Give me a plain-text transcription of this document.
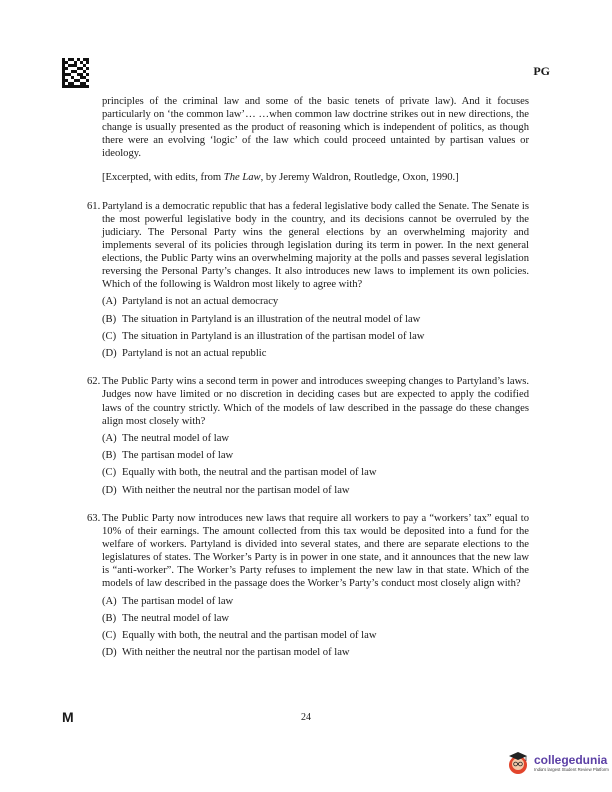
PG

principles of the criminal law and some of the basic tenets of private law). And it focuses particularly on ‘the common law’… …when common law doctrine strikes out in new directions, the change is usually presented as the product of reasoning which is independent of politics, as though there were an evolving ‘logic’ of the law which could proceed untainted by partisan values or ideology.

[Excerpted, with edits, from The Law, by Jeremy Waldron, Routledge, Oxon, 1990.]

61. Partyland is a democratic republic that has a federal legislative body called the Senate. The Senate is the most powerful legislative body in the country, and its decisions cannot be overruled by the judiciary. The Personal Party wins the general elections by an overwhelming majority and implements several of its policies through legislation during its term in power. In the next general elections, the Public Party wins an overwhelming majority at the polls and passes several legislation reversing the Personal Party’s changes. It also introduces new laws to implement its own policies. Which of the following is Waldron most likely to agree with?

(A) Partyland is not an actual democracy
(B) The situation in Partyland is an illustration of the neutral model of law
(C) The situation in Partyland is an illustration of the partisan model of law
(D) Partyland is not an actual republic
62. The Public Party wins a second term in power and introduces sweeping changes to Partyland’s laws. Judges now have limited or no discretion in deciding cases but are expected to apply the codified laws of the country strictly. Which of the models of law described in the passage do these changes align most closely with?

(A) The neutral model of law
(B) The partisan model of law
(C) Equally with both, the neutral and the partisan model of law
(D) With neither the neutral nor the partisan model of law
63. The Public Party now introduces new laws that require all workers to pay a “workers’ tax” equal to 10% of their earnings. The amount collected from this tax would be deposited into a fund for the welfare of workers. Partyland is divided into several states, and there are separate elections to the legislatures of states. The Worker’s Party is in power in one state, and it announces that the new law is “anti-worker”. The Worker’s Party refuses to implement the new law in that state. Which of the models of law described in the passage does the Worker’s Party’s conduct most closely align with?

(A) The partisan model of law
(B) The neutral model of law
(C) Equally with both, the neutral and the partisan model of law
(D) With neither the neutral nor the partisan model of law
M	24
collegedunia
India's largest Student Review Platform
